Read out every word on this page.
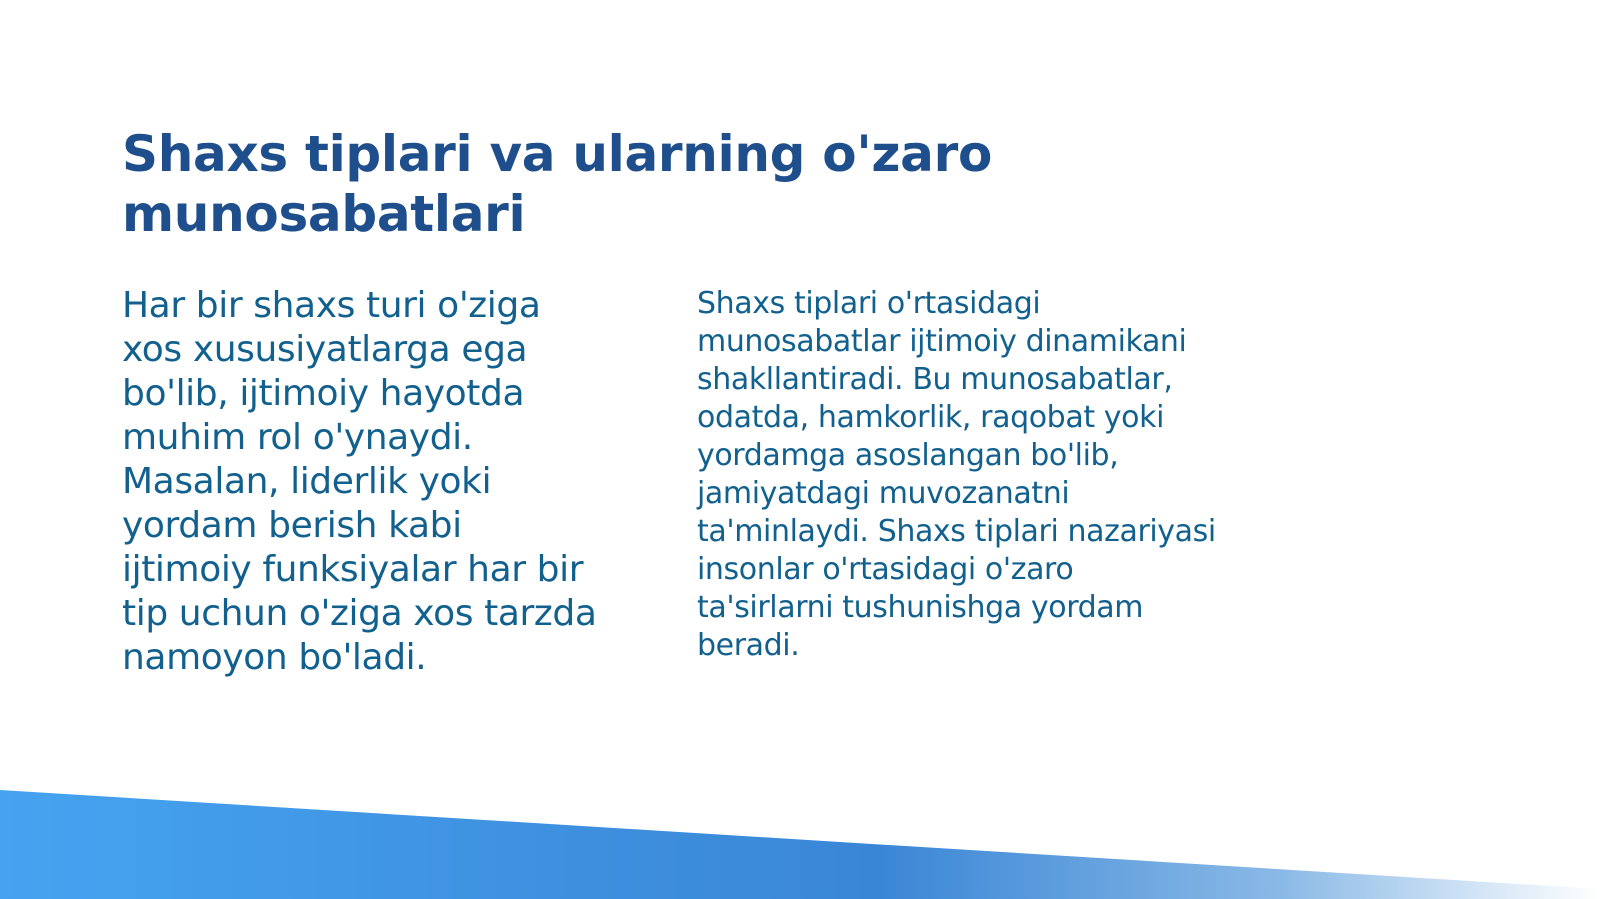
Shaxs tiplari va ularning o'zaro munosabatlari

Har bir shaxs turi o'ziga xos xususiyatlarga ega bo'lib, ijtimoiy hayotda muhim rol o'ynaydi. Masalan, liderlik yoki yordam berish kabi ijtimoiy funksiyalar har bir tip uchun o'ziga xos tarzda namoyon bo'ladi.

Shaxs tiplari o'rtasidagi munosabatlar ijtimoiy dinamikani shakllantiradi. Bu munosabatlar, odatda, hamkorlik, raqobat yoki yordamga asoslangan bo'lib, jamiyatdagi muvozanatni ta'minlaydi. Shaxs tiplari nazariyasi insonlar o'rtasidagi o'zaro ta'sirlarni tushunishga yordam beradi.
